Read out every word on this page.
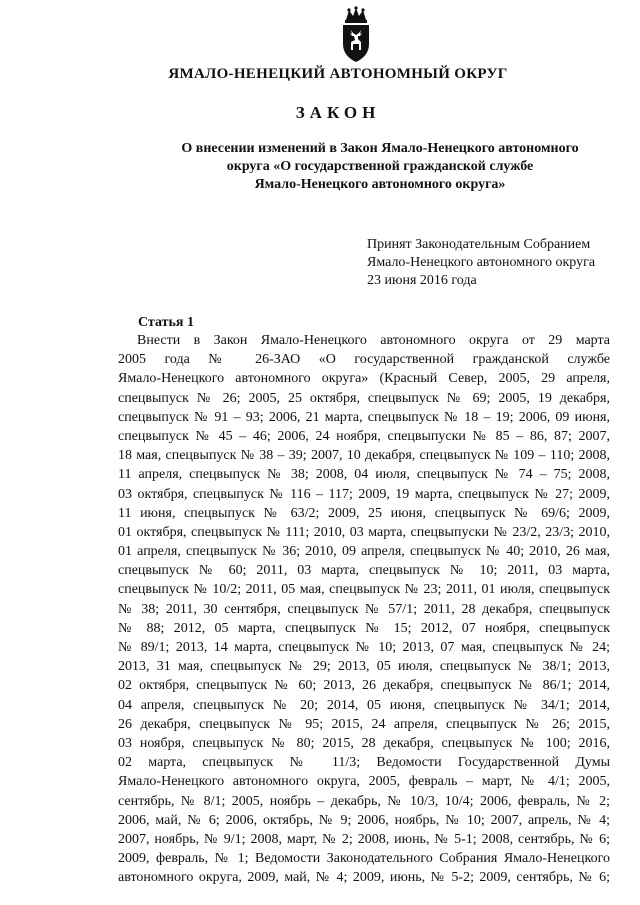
ЯМАЛО-НЕНЕЦКИЙ АВТОНОМНЫЙ ОКРУГ
ЗАКОН
О внесении изменений в Закон Ямало-Ненецкого автономного
округа «О государственной гражданской службе
Ямало-Ненецкого автономного округа»
Принят Законодательным Собранием
Ямало-Ненецкого автономного округа
23 июня 2016 года
Статья 1
Внести в Закон Ямало-Ненецкого автономного округа от 29 марта
2005 года № 26-ЗАО «О государственной гражданской службе
Ямало-Ненецкого автономного округа» (Красный Север, 2005, 29 апреля,
спецвыпуск № 26; 2005, 25 октября, спецвыпуск № 69; 2005, 19 декабря,
спецвыпуск № 91 – 93; 2006, 21 марта, спецвыпуск № 18 – 19; 2006, 09 июня,
спецвыпуск № 45 – 46; 2006, 24 ноября, спецвыпуски № 85 – 86, 87; 2007,
18 мая, спецвыпуск № 38 – 39; 2007, 10 декабря, спецвыпуск № 109 – 110; 2008,
11 апреля, спецвыпуск № 38; 2008, 04 июля, спецвыпуск № 74 – 75; 2008,
03 октября, спецвыпуск № 116 – 117; 2009, 19 марта, спецвыпуск № 27; 2009,
11 июня, спецвыпуск № 63/2; 2009, 25 июня, спецвыпуск № 69/6; 2009,
01 октября, спецвыпуск № 111; 2010, 03 марта, спецвыпуски № 23/2, 23/3; 2010,
01 апреля, спецвыпуск № 36; 2010, 09 апреля, спецвыпуск № 40; 2010, 26 мая,
спецвыпуск № 60; 2011, 03 марта, спецвыпуск № 10; 2011, 03 марта,
спецвыпуск № 10/2; 2011, 05 мая, спецвыпуск № 23; 2011, 01 июля, спецвыпуск
№ 38; 2011, 30 сентября, спецвыпуск № 57/1; 2011, 28 декабря, спецвыпуск
№ 88; 2012, 05 марта, спецвыпуск № 15; 2012, 07 ноября, спецвыпуск
№ 89/1; 2013, 14 марта, спецвыпуск № 10; 2013, 07 мая, спецвыпуск № 24;
2013, 31 мая, спецвыпуск № 29; 2013, 05 июля, спецвыпуск № 38/1; 2013,
02 октября, спецвыпуск № 60; 2013, 26 декабря, спецвыпуск № 86/1; 2014,
04 апреля, спецвыпуск № 20; 2014, 05 июня, спецвыпуск № 34/1; 2014,
26 декабря, спецвыпуск № 95; 2015, 24 апреля, спецвыпуск № 26; 2015,
03 ноября, спецвыпуск № 80; 2015, 28 декабря, спецвыпуск № 100; 2016,
02 марта, спецвыпуск № 11/3; Ведомости Государственной Думы
Ямало-Ненецкого автономного округа, 2005, февраль – март, № 4/1; 2005,
сентябрь, № 8/1; 2005, ноябрь – декабрь, № 10/3, 10/4; 2006, февраль, № 2;
2006, май, № 6; 2006, октябрь, № 9; 2006, ноябрь, № 10; 2007, апрель, № 4;
2007, ноябрь, № 9/1; 2008, март, № 2; 2008, июнь, № 5-1; 2008, сентябрь, № 6;
2009, февраль, № 1; Ведомости Законодательного Собрания Ямало-Ненецкого
автономного округа, 2009, май, № 4; 2009, июнь, № 5-2; 2009, сентябрь, № 6;
